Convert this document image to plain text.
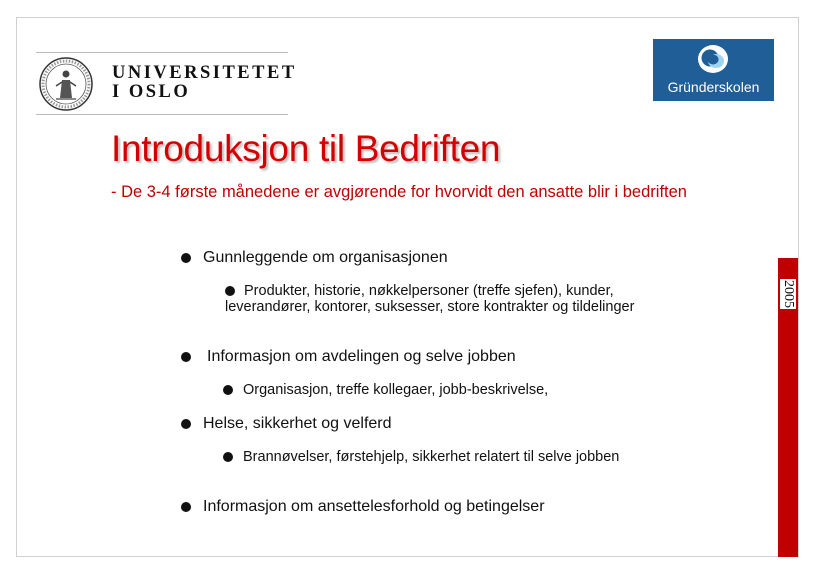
UNIVERSITETET
I OSLO	Gründerskolen
Introduksjon til Bedriften
- De 3-4 første månedene er avgjørende for hvorvidt den ansatte blir i bedriften
2005
Gunnleggende om organisasjonen
Produkter, historie, nøkkelpersoner (treffe sjefen), kunder, leverandører, kontorer, suksesser, store kontrakter og tildelinger
Informasjon om avdelingen og selve jobben
Organisasjon, treffe kollegaer, jobb-beskrivelse,
Helse, sikkerhet og velferd
Brannøvelser, førstehjelp, sikkerhet relatert til selve jobben
Informasjon om ansettelesforhold og betingelser
